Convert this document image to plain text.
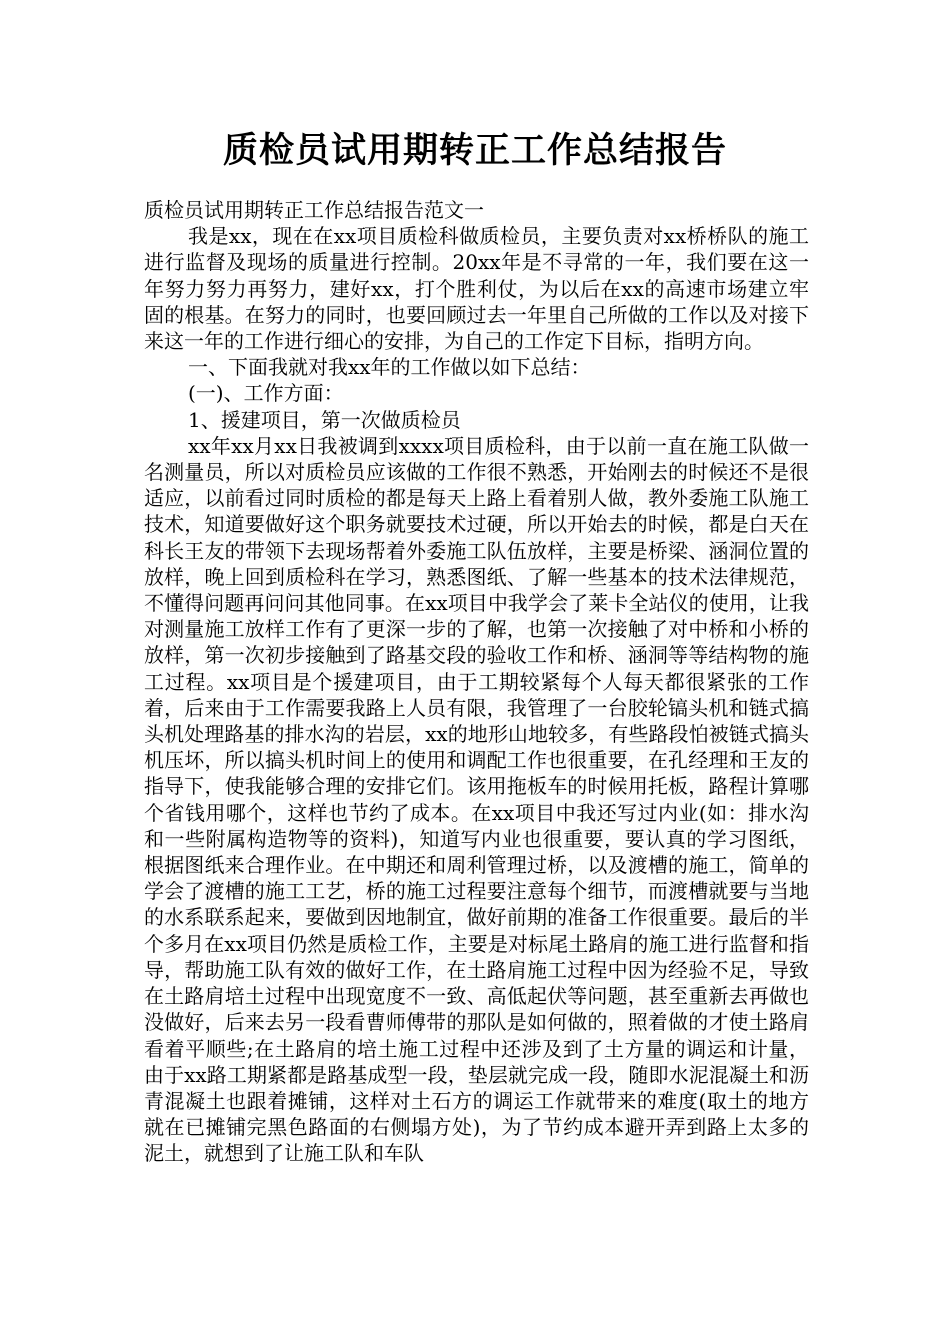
质检员试用期转正工作总结报告

质检员试用期转正工作总结报告范文一

我是xx，现在在xx项目质检科做质检员，主要负责对xx桥桥队的施工进行监督及现场的质量进行控制。20xx年是不寻常的一年，我们要在这一年努力努力再努力，建好xx，打个胜利仗，为以后在xx的高速市场建立牢固的根基。在努力的同时，也要回顾过去一年里自己所做的工作以及对接下来这一年的工作进行细心的安排，为自己的工作定下目标，指明方向。

一、下面我就对我xx年的工作做以如下总结：

(一)、工作方面：

1、援建项目，第一次做质检员

xx年xx月xx日我被调到xxxx项目质检科，由于以前一直在施工队做一名测量员，所以对质检员应该做的工作很不熟悉，开始刚去的时候还不是很适应，以前看过同时质检的都是每天上路上看着别人做，教外委施工队施工技术，知道要做好这个职务就要技术过硬，所以开始去的时候，都是白天在科长王友的带领下去现场帮着外委施工队伍放样，主要是桥梁、涵洞位置的放样，晚上回到质检科在学习，熟悉图纸、了解一些基本的技术法律规范，不懂得问题再问问其他同事。在xx项目中我学会了莱卡全站仪的使用，让我对测量施工放样工作有了更深一步的了解，也第一次接触了对中桥和小桥的放样，第一次初步接触到了路基交段的验收工作和桥、涵洞等等结构物的施工过程。xx项目是个援建项目，由于工期较紧每个人每天都很紧张的工作着，后来由于工作需要我路上人员有限，我管理了一台胶轮镐头机和链式搞头机处理路基的排水沟的岩层，xx的地形山地较多，有些路段怕被链式搞头机压坏，所以搞头机时间上的使用和调配工作也很重要，在孔经理和王友的指导下，使我能够合理的安排它们。该用拖板车的时候用托板，路程计算哪个省钱用哪个，这样也节约了成本。在xx项目中我还写过内业(如：排水沟和一些附属构造物等的资料)，知道写内业也很重要，要认真的学习图纸，根据图纸来合理作业。在中期还和周利管理过桥，以及渡槽的施工，简单的学会了渡槽的施工工艺，桥的施工过程要注意每个细节，而渡槽就要与当地的水系联系起来，要做到因地制宜，做好前期的准备工作很重要。最后的半个多月在xx项目仍然是质检工作，主要是对标尾土路肩的施工进行监督和指导，帮助施工队有效的做好工作，在土路肩施工过程中因为经验不足，导致在土路肩培土过程中出现宽度不一致、高低起伏等问题，甚至重新去再做也没做好，后来去另一段看曹师傅带的那队是如何做的，照着做的才使土路肩看着平顺些;在土路肩的培土施工过程中还涉及到了土方量的调运和计量，由于xx路工期紧都是路基成型一段，垫层就完成一段，随即水泥混凝土和沥青混凝土也跟着摊铺，这样对土石方的调运工作就带来的难度(取土的地方就在已摊铺完黑色路面的右侧塌方处)，为了节约成本避开弄到路上太多的泥土，就想到了让施工队和车队
